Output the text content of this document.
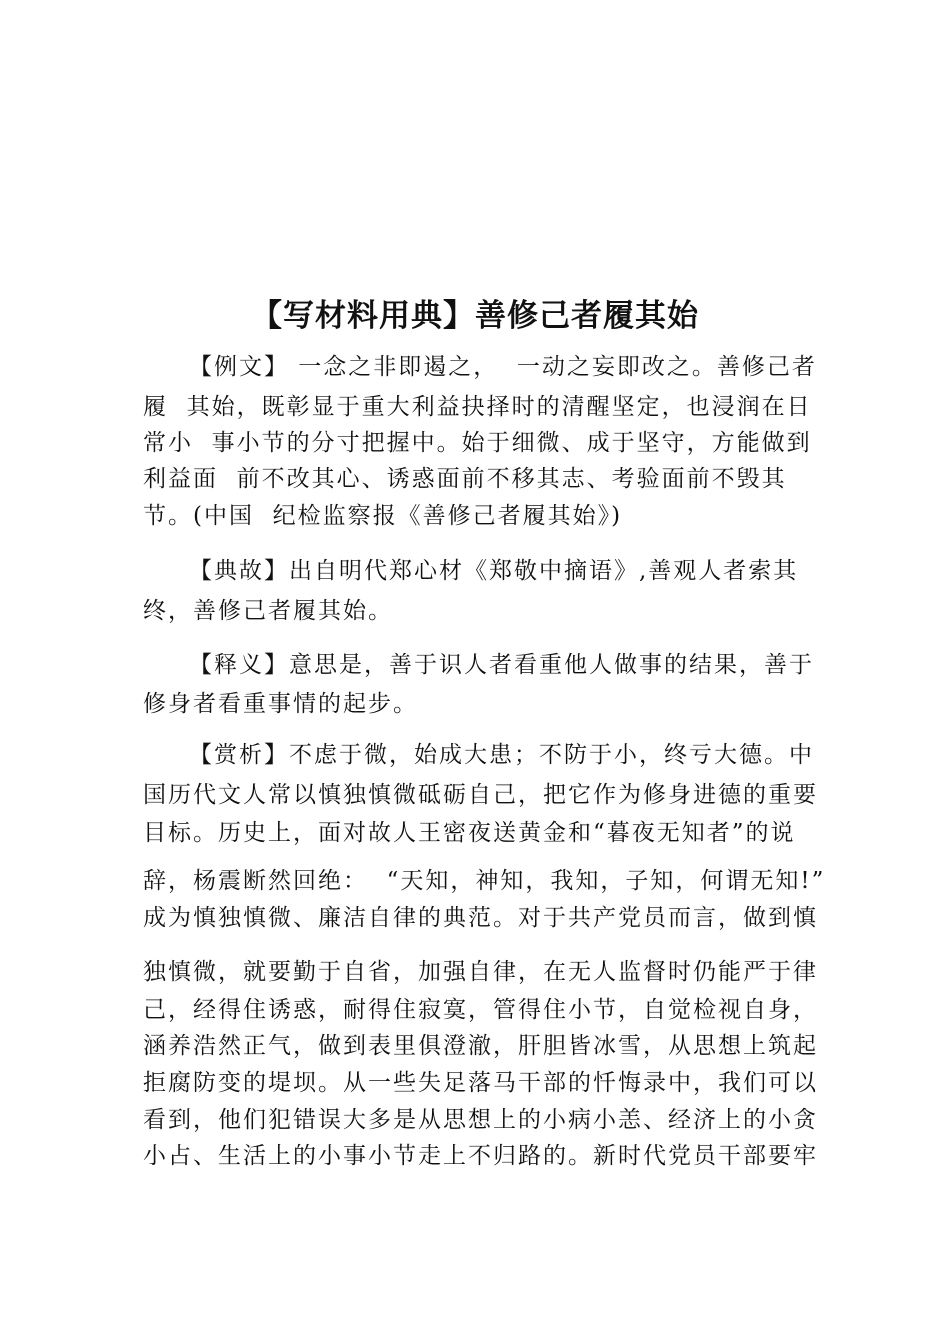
【写材料用典】善修己者履其始
【例文】 一念之非即遏之，  一动之妄即改之。善修己者
履  其始，既彰显于重大利益抉择时的清醒坚定，也浸润在日
常小  事小节的分寸把握中。始于细微、成于坚守，方能做到
利益面  前不改其心、诱惑面前不移其志、考验面前不毁其
节。(中国  纪检监察报《善修己者履其始》)
【典故】出自明代郑心材《郑敬中摘语》,善观人者索其
终，善修己者履其始。
【释义】意思是，善于识人者看重他人做事的结果，善于
修身者看重事情的起步。
【赏析】不虑于微，始成大患；不防于小，终亏大德。中
国历代文人常以慎独慎微砥砺自己，把它作为修身进德的重要
目标。历史上，面对故人王密夜送黄金和“暮夜无知者”的说
辞，杨震断然回绝：  “天知，神知，我知，子知，何谓无知!”
成为慎独慎微、廉洁自律的典范。对于共产党员而言，做到慎
独慎微，就要勤于自省，加强自律，在无人监督时仍能严于律
己，经得住诱惑，耐得住寂寞，管得住小节，自觉检视自身，
涵养浩然正气，做到表里俱澄澈，肝胆皆冰雪，从思想上筑起
拒腐防变的堤坝。从一些失足落马干部的忏悔录中，我们可以
看到，他们犯错误大多是从思想上的小病小恙、经济上的小贪
小占、生活上的小事小节走上不归路的。新时代党员干部要牢
